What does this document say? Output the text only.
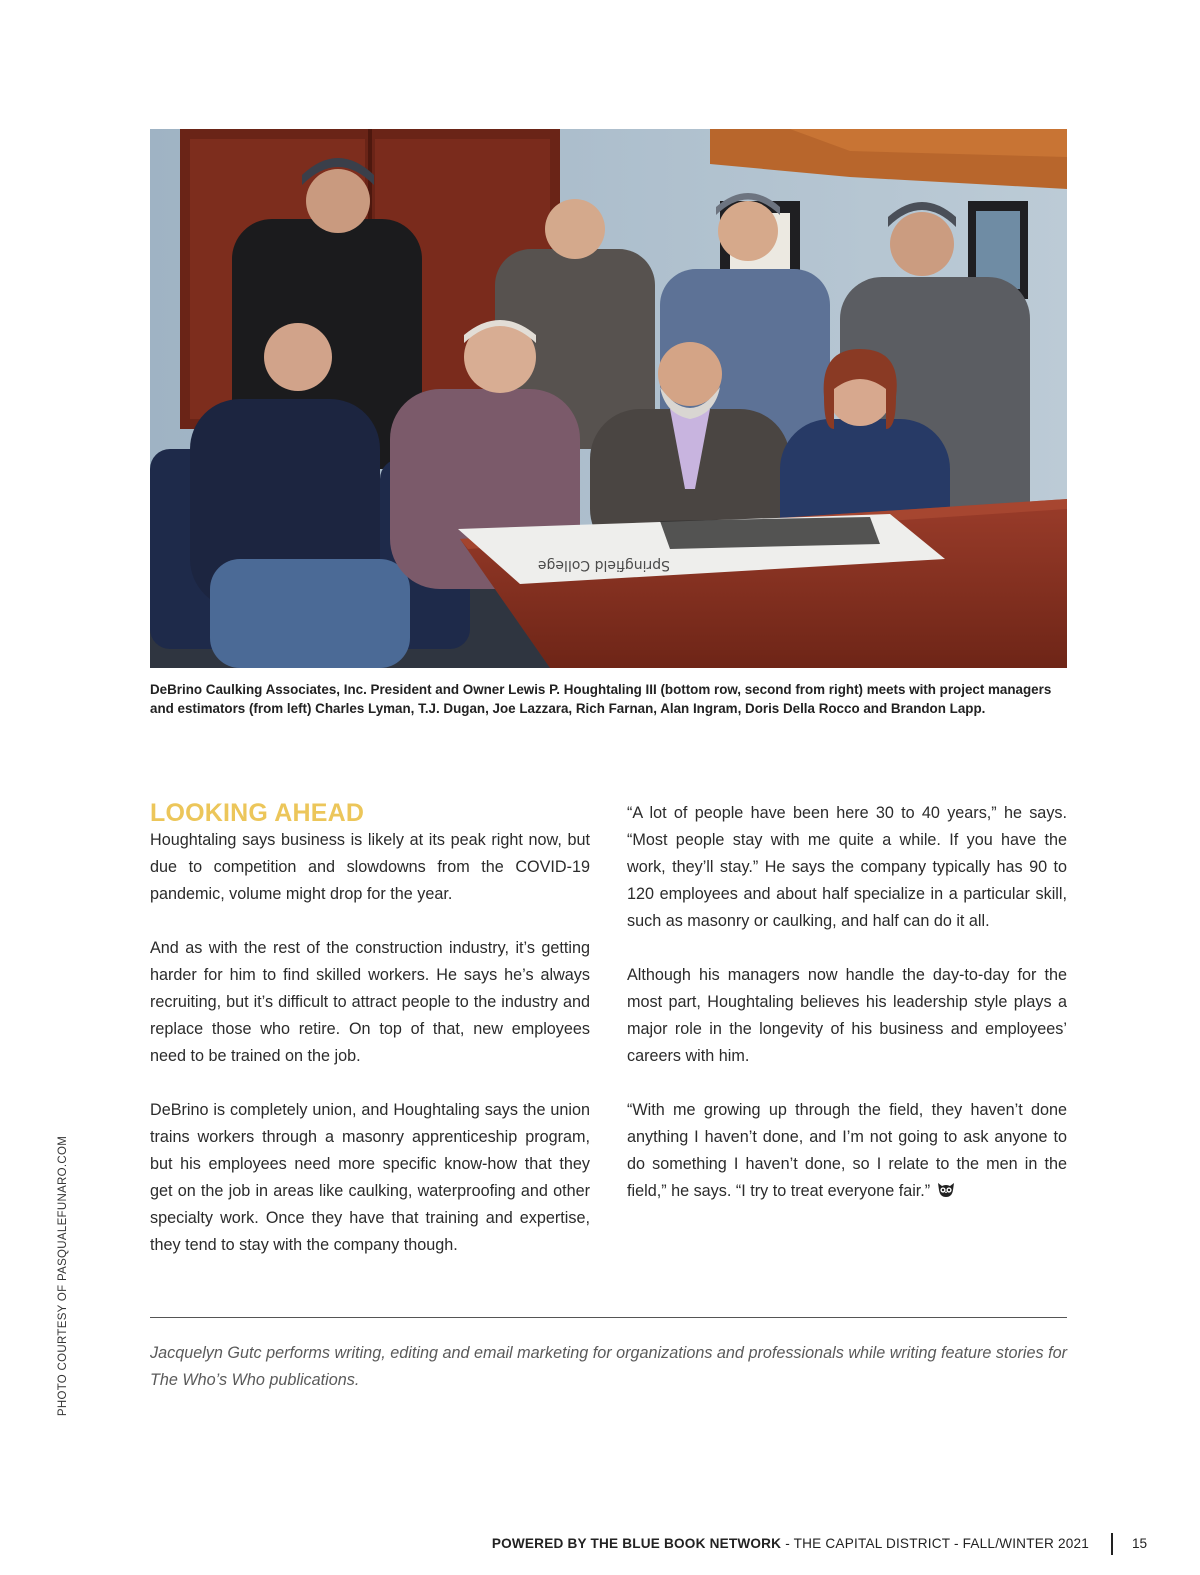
Springfield College
DeBrino Caulking Associates, Inc. President and Owner Lewis P. Houghtaling III (bottom row, second from right) meets with project managers and estimators (from left) Charles Lyman, T.J. Dugan, Joe Lazzara, Rich Farnan, Alan Ingram, Doris Della Rocco and Brandon Lapp.
LOOKING AHEAD

Houghtaling says business is likely at its peak right now, but due to competition and slowdowns from the COVID-19 pandemic, volume might drop for the year.

And as with the rest of the construction industry, it’s getting harder for him to find skilled workers. He says he’s always recruiting, but it’s difficult to attract people to the industry and replace those who retire. On top of that, new employees need to be trained on the job.

DeBrino is completely union, and Houghtaling says the union trains workers through a masonry apprenticeship program, but his employees need more specific know-how that they get on the job in areas like caulking, waterproofing and other specialty work. Once they have that training and expertise, they tend to stay with the company though.

“A lot of people have been here 30 to 40 years,” he says. “Most people stay with me quite a while. If you have the work, they’ll stay.” He says the company typically has 90 to 120 employees and about half specialize in a particular skill, such as masonry or caulking, and half can do it all.

Although his managers now handle the day-to-day for the most part, Houghtaling believes his leadership style plays a major role in the longevity of his business and employees’ careers with him.

“With me growing up through the field, they haven’t done anything I haven’t done, and I’m not going to ask anyone to do something I haven’t done, so I relate to the men in the field,” he says. “I try to treat everyone fair.”

PHOTO COURTESY OF PASQUALEFUNARO.COM	Jacquelyn Gutc performs writing, editing and email marketing for organizations and professionals while writing feature stories for The Who’s Who publications.
POWERED BY THE BLUE BOOK NETWORK - THE CAPITAL DISTRICT - FALL/WINTER 2021	15
